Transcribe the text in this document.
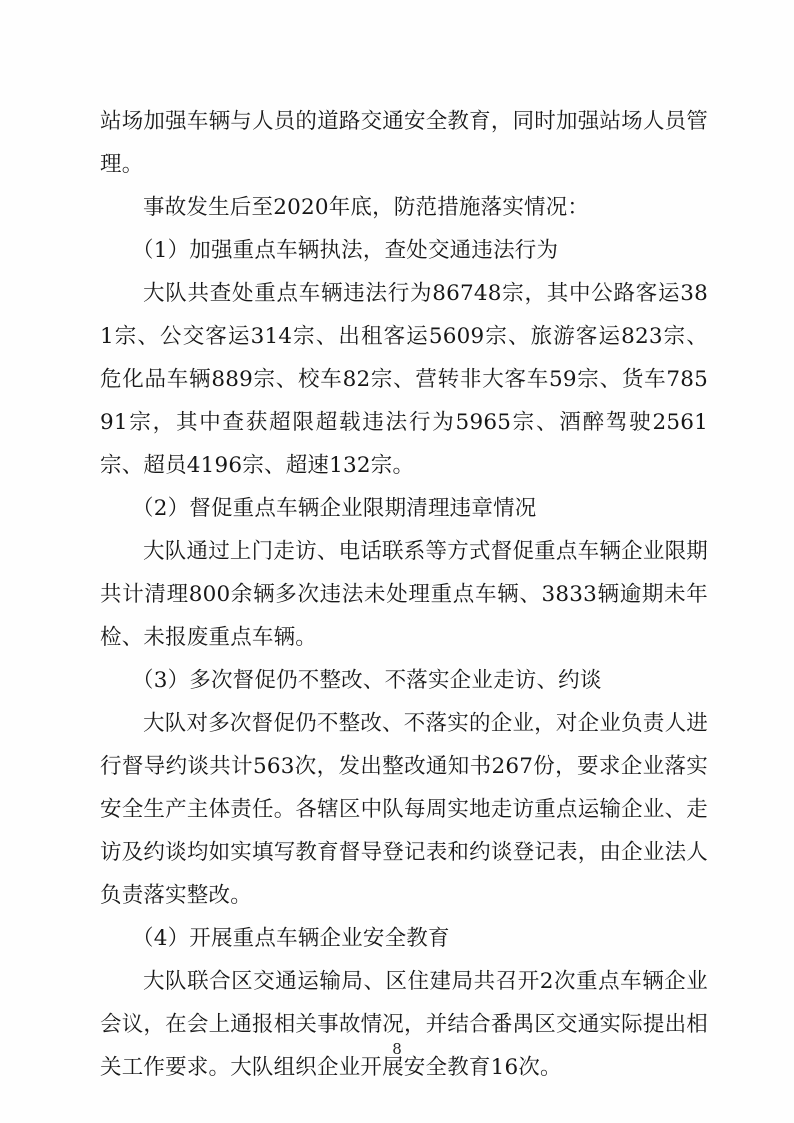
站场加强车辆与人员的道路交通安全教育，同时加强站场人员管理。

事故发生后至2020年底，防范措施落实情况：

（1）加强重点车辆执法，查处交通违法行为

大队共查处重点车辆违法行为86748宗，其中公路客运381宗、公交客运314宗、出租客运5609宗、旅游客运823宗、危化品车辆889宗、校车82宗、营转非大客车59宗、货车78591宗，其中查获超限超载违法行为5965宗、酒醉驾驶2561宗、超员4196宗、超速132宗。

（2）督促重点车辆企业限期清理违章情况

大队通过上门走访、电话联系等方式督促重点车辆企业限期共计清理800余辆多次违法未处理重点车辆、3833辆逾期未年检、未报废重点车辆。

（3）多次督促仍不整改、不落实企业走访、约谈

大队对多次督促仍不整改、不落实的企业，对企业负责人进行督导约谈共计563次，发出整改通知书267份，要求企业落实安全生产主体责任。各辖区中队每周实地走访重点运输企业、走访及约谈均如实填写教育督导登记表和约谈登记表，由企业法人负责落实整改。

（4）开展重点车辆企业安全教育

大队联合区交通运输局、区住建局共召开2次重点车辆企业会议，在会上通报相关事故情况，并结合番禺区交通实际提出相关工作要求。大队组织企业开展安全教育16次。

8
